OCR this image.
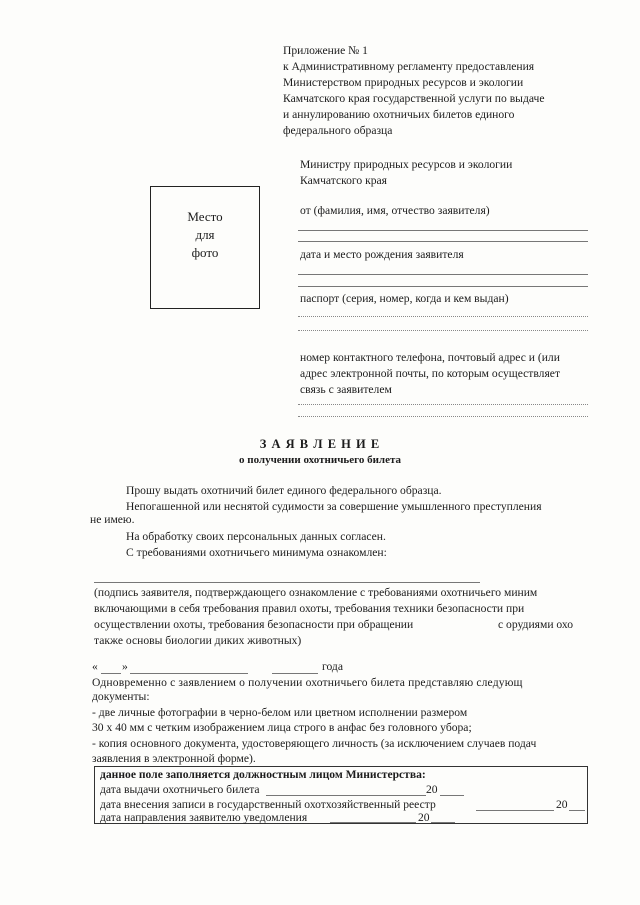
Приложение № 1
к Административному регламенту предоставления
Министерством природных ресурсов и экологии
Камчатского края государственной услуги по выдаче
и аннулированию охотничьих билетов единого
федерального образца
Министру природных ресурсов и экологии
Камчатского края
от (фамилия, имя, отчество заявителя)
дата и место рождения заявителя
паспорт (серия, номер, когда и кем выдан)
номер контактного телефона, почтовый адрес и (или
адрес электронной почты, по которым осуществляет
связь с заявителем
Место
для
фото
З А Я В Л Е Н И Е
о получении охотничьего билета
Прошу выдать охотничий билет единого федерального образца.
Непогашенной или неснятой судимости за совершение умышленного преступления
не имею.
На обработку своих персональных данных согласен.
С требованиями охотничьего минимума ознакомлен:
(подпись заявителя, подтверждающего ознакомление с требованиями охотничьего миним
включающими в себя требования правил охоты, требования техники безопасности при
осуществлении охоты, требования безопасности при обращении	с орудиями охо
также основы биологии диких животных)
« »	года
Одновременно с заявлением о получении охотничьего билета представляю следующ
документы:
- две личные фотографии в черно-белом или цветном исполнении размером
30 х 40 мм с четким изображением лица строго в анфас без головного убора;
- копия основного документа, удостоверяющего личность (за исключением случаев подач
заявления в электронной форме).
данное поле заполняется должностным лицом Министерства:
дата выдачи охотничьего билета	20
дата внесения записи в государственный охотхозяйственный реестр	20
дата направления заявителю уведомления	20
